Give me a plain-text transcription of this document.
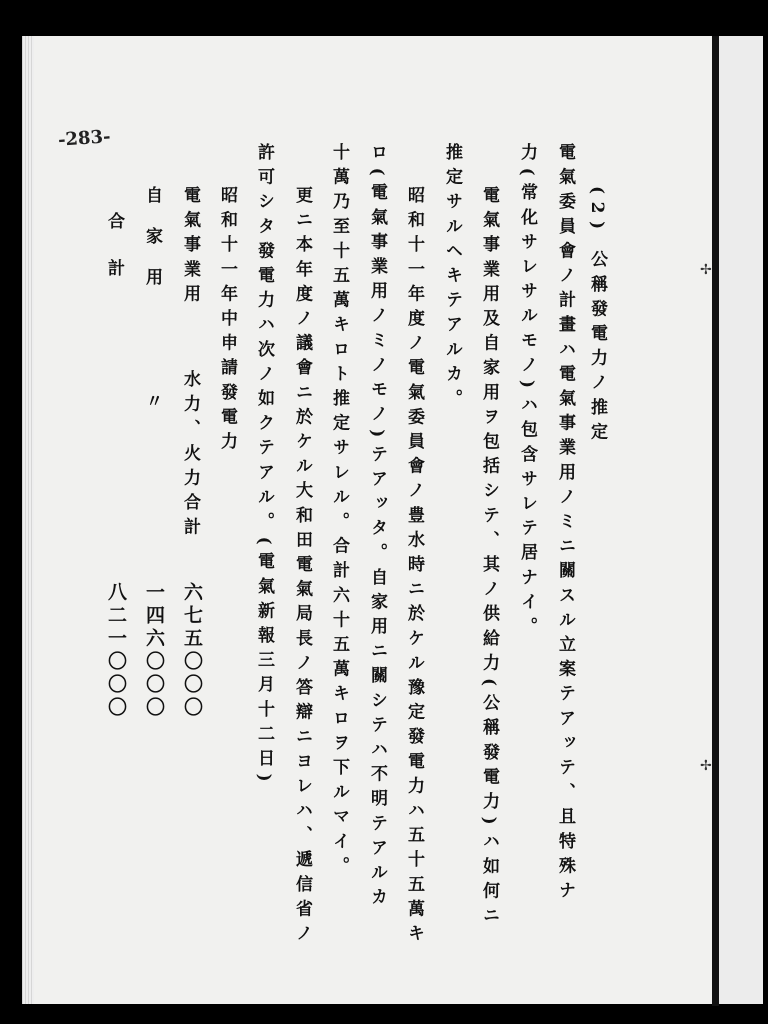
-283-
(2) 公稱發電力ノ推定
電氣委員會ノ計畫ハ電氣事業用ノミニ關スル立案テアッテ、且特殊ナ
力(常化サレサルモノ)ハ包含サレテ居ナイ。
電氣事業用及自家用ヲ包括シテ、其ノ供給力(公稱發電力)ハ如何ニ
推定サルヘキテアルカ。
昭和十一年度ノ電氣委員會ノ豊水時ニ於ケル豫定發電力ハ五十五萬キ
ロ(電氣事業用ノミノモノ)テアッタ。自家用ニ關シテハ不明テアルカ
十萬乃至十五萬キロト推定サレル。合計六十五萬キロヲ下ルマイ。
更ニ本年度ノ議會ニ於ケル大和田電氣局長ノ答辯ニヨレハ、遞信省ノ
許可シタ發電力ハ次ノ如クテアル。(電氣新報三月十二日)
昭和十一年中申請發電力
電氣事業用
水力、火力合計
六七五〇〇〇
自家用
〃
一四六〇〇〇
合計
八二一〇〇〇
✢
✢
